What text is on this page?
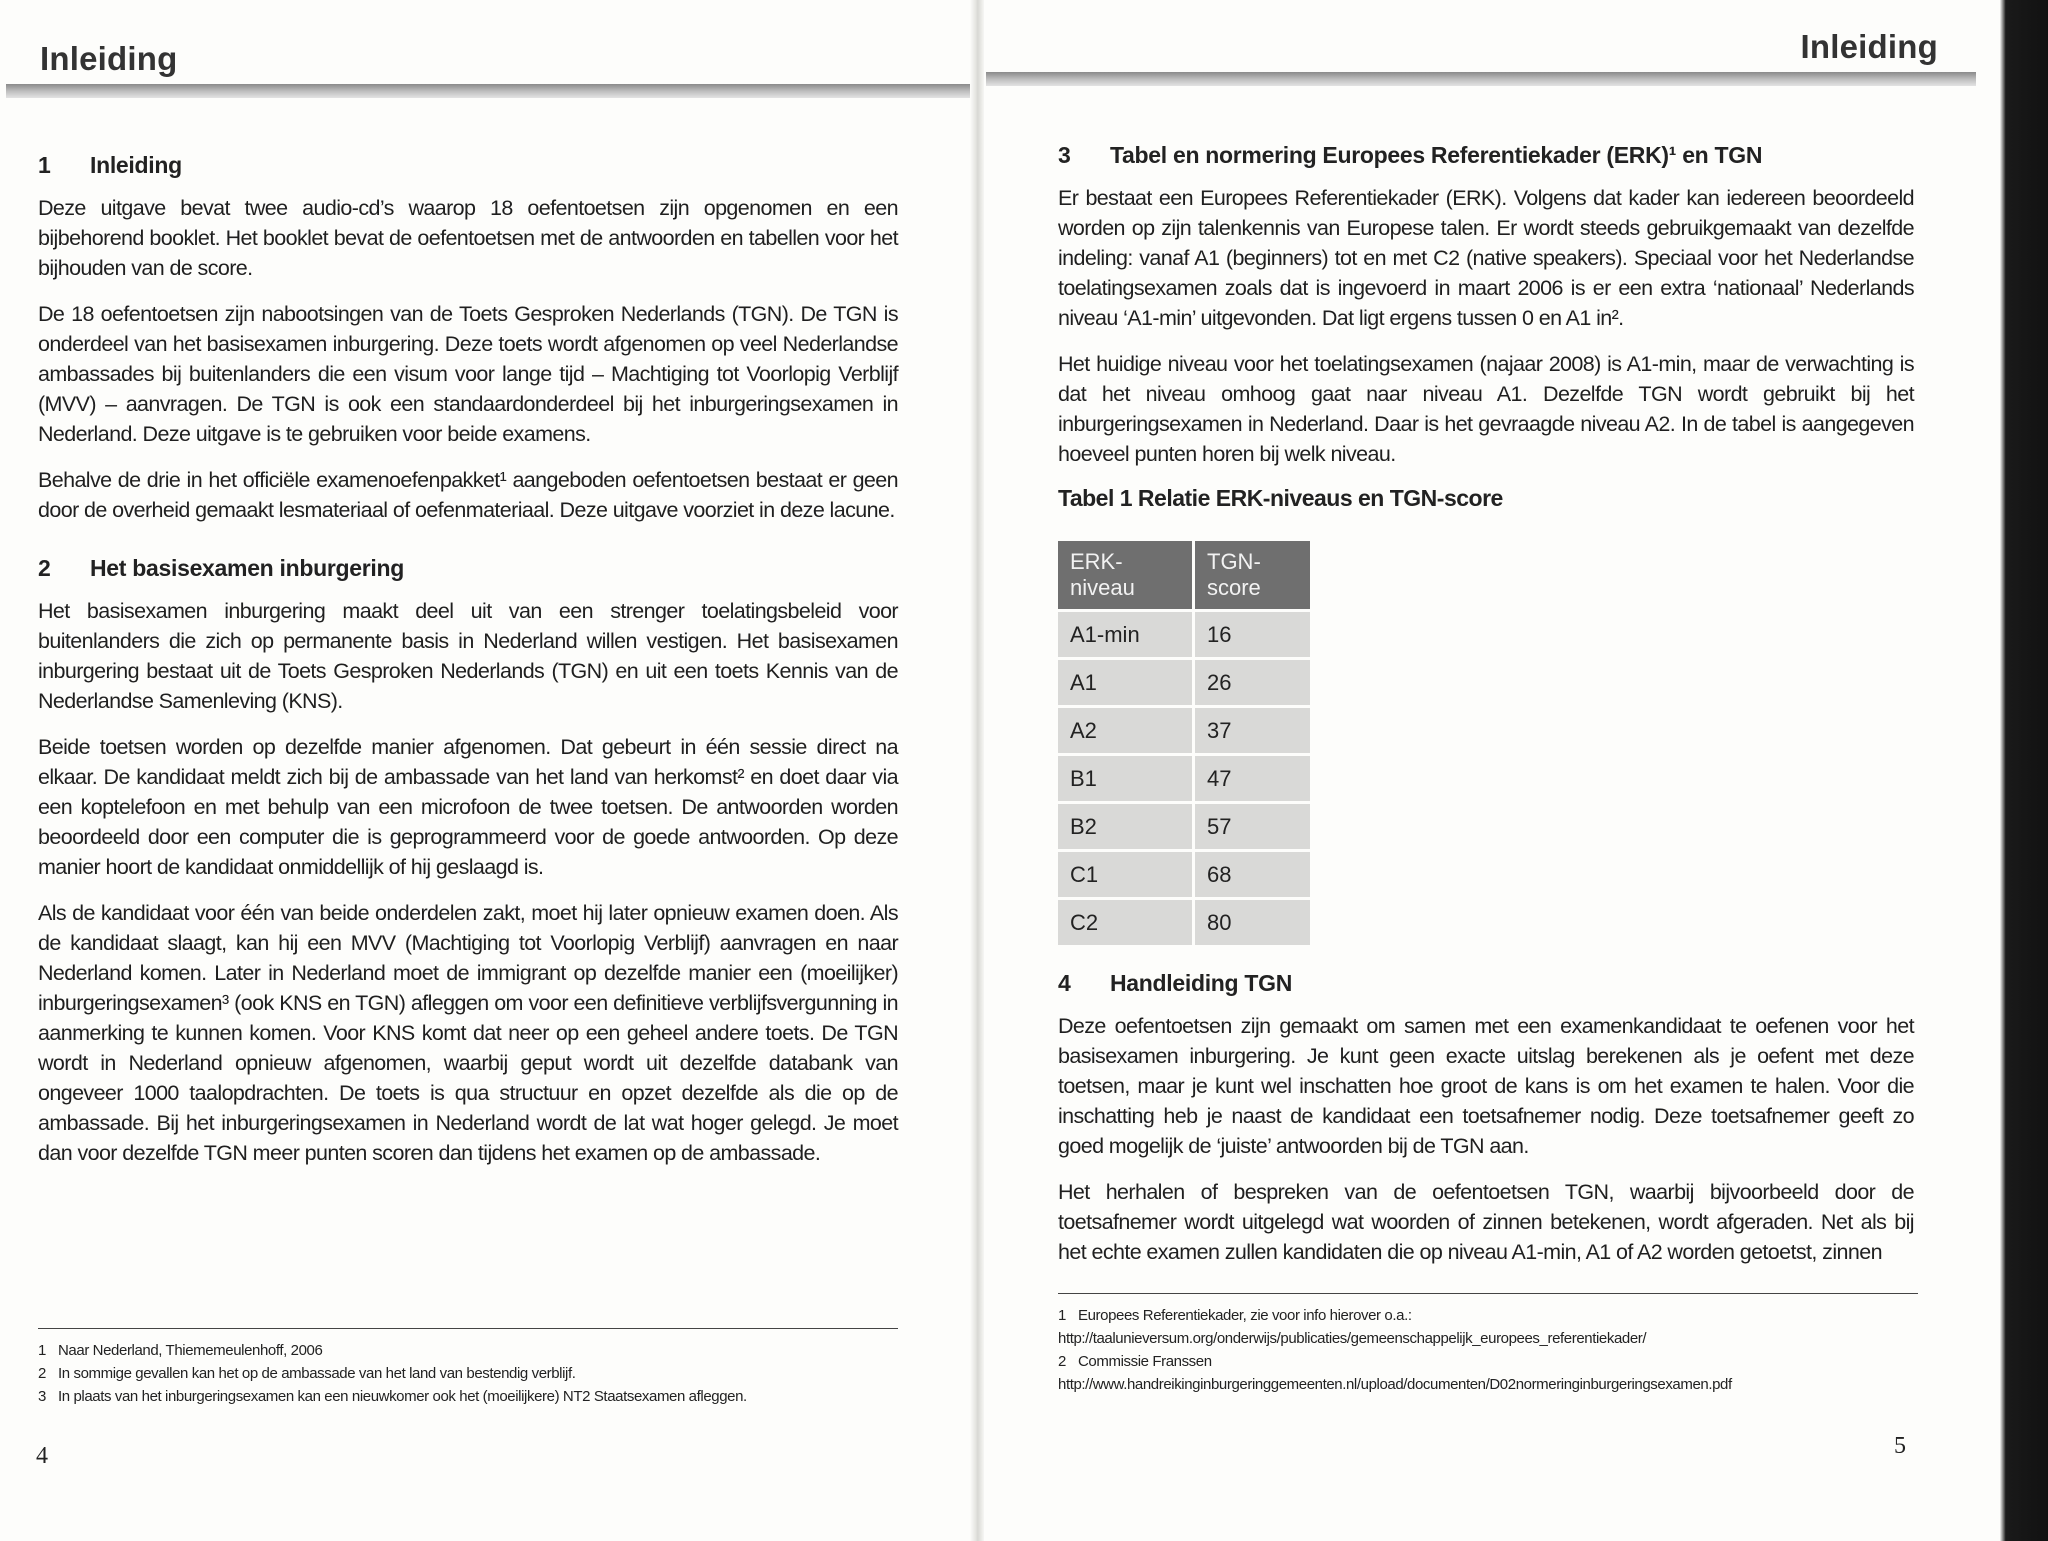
Inleiding
1 Inleiding

Deze uitgave bevat twee audio-cd’s waarop 18 oefentoetsen zijn opgenomen en een bijbehorend booklet. Het booklet bevat de oefentoetsen met de antwoorden en tabellen voor het bijhouden van de score.

De 18 oefentoetsen zijn nabootsingen van de Toets Gesproken Nederlands (TGN). De TGN is onderdeel van het basisexamen inburgering. Deze toets wordt afgenomen op veel Nederlandse ambassades bij buitenlanders die een visum voor lange tijd – Machtiging tot Voorlopig Verblijf (MVV) – aanvragen. De TGN is ook een standaardonderdeel bij het inburgeringsexamen in Nederland. Deze uitgave is te gebruiken voor beide examens.

Behalve de drie in het officiële examenoefenpakket¹ aangeboden oefentoetsen bestaat er geen door de overheid gemaakt lesmateriaal of oefenmateriaal. Deze uitgave voorziet in deze lacune.

2 Het basisexamen inburgering

Het basisexamen inburgering maakt deel uit van een strenger toelatingsbeleid voor buitenlanders die zich op permanente basis in Nederland willen vestigen. Het basisexamen inburgering bestaat uit de Toets Gesproken Nederlands (TGN) en uit een toets Kennis van de Nederlandse Samenleving (KNS).

Beide toetsen worden op dezelfde manier afgenomen. Dat gebeurt in één sessie direct na elkaar. De kandidaat meldt zich bij de ambassade van het land van herkomst² en doet daar via een koptelefoon en met behulp van een microfoon de twee toetsen. De antwoorden worden beoordeeld door een computer die is geprogrammeerd voor de goede antwoorden. Op deze manier hoort de kandidaat onmiddellijk of hij geslaagd is.

Als de kandidaat voor één van beide onderdelen zakt, moet hij later opnieuw examen doen. Als de kandidaat slaagt, kan hij een MVV (Machtiging tot Voorlopig Verblijf) aanvragen en naar Nederland komen. Later in Nederland moet de immigrant op dezelfde manier een (moeilijker) inburgeringsexamen³ (ook KNS en TGN) afleggen om voor een definitieve verblijfsvergunning in aanmerking te kunnen komen. Voor KNS komt dat neer op een geheel andere toets. De TGN wordt in Nederland opnieuw afgenomen, waarbij geput wordt uit dezelfde databank van ongeveer 1000 taalopdrachten. De toets is qua structuur en opzet dezelfde als die op de ambassade. Bij het inburgeringsexamen in Nederland wordt de lat wat hoger gelegd. Je moet dan voor dezelfde TGN meer punten scoren dan tijdens het examen op de ambassade.

1 Naar Nederland, Thiememeulenhoff, 2006
2 In sommige gevallen kan het op de ambassade van het land van bestendig verblijf.
3 In plaats van het inburgeringsexamen kan een nieuwkomer ook het (moeilijkere) NT2 Staatsexamen afleggen.
4
Inleiding
3 Tabel en normering Europees Referentiekader (ERK)¹ en TGN

Er bestaat een Europees Referentiekader (ERK). Volgens dat kader kan iedereen beoordeeld worden op zijn talenkennis van Europese talen. Er wordt steeds gebruikgemaakt van dezelfde indeling: vanaf A1 (beginners) tot en met C2 (native speakers). Speciaal voor het Nederlandse toelatingsexamen zoals dat is ingevoerd in maart 2006 is er een extra ‘nationaal’ Nederlands niveau ‘A1-min’ uitgevonden. Dat ligt ergens tussen 0 en A1 in².

Het huidige niveau voor het toelatingsexamen (najaar 2008) is A1-min, maar de verwachting is dat het niveau omhoog gaat naar niveau A1. Dezelfde TGN wordt gebruikt bij het inburgeringsexamen in Nederland. Daar is het gevraagde niveau A2. In de tabel is aangegeven hoeveel punten horen bij welk niveau.

Tabel 1 Relatie ERK-niveaus en TGN-score
ERK-niveau	TGN-score
A1-min	16
A1	26
A2	37
B1	47
B2	57
C1	68
C2	80
4 Handleiding TGN

Deze oefentoetsen zijn gemaakt om samen met een examenkandidaat te oefenen voor het basisexamen inburgering. Je kunt geen exacte uitslag berekenen als je oefent met deze toetsen, maar je kunt wel inschatten hoe groot de kans is om het examen te halen. Voor die inschatting heb je naast de kandidaat een toetsafnemer nodig. Deze toetsafnemer geeft zo goed mogelijk de ‘juiste’ antwoorden bij de TGN aan.

Het herhalen of bespreken van de oefentoetsen TGN, waarbij bijvoorbeeld door de toetsafnemer wordt uitgelegd wat woorden of zinnen betekenen, wordt afgeraden. Net als bij het echte examen zullen kandidaten die op niveau A1-min, A1 of A2 worden getoetst, zinnen

1 Europees Referentiekader, zie voor info hierover o.a.:
http://taalunieversum.org/onderwijs/publicaties/gemeenschappelijk_europees_referentiekader/
2 Commissie Franssen
http://www.handreikinginburgeringgemeenten.nl/upload/documenten/D02normeringinburgeringsexamen.pdf
5
